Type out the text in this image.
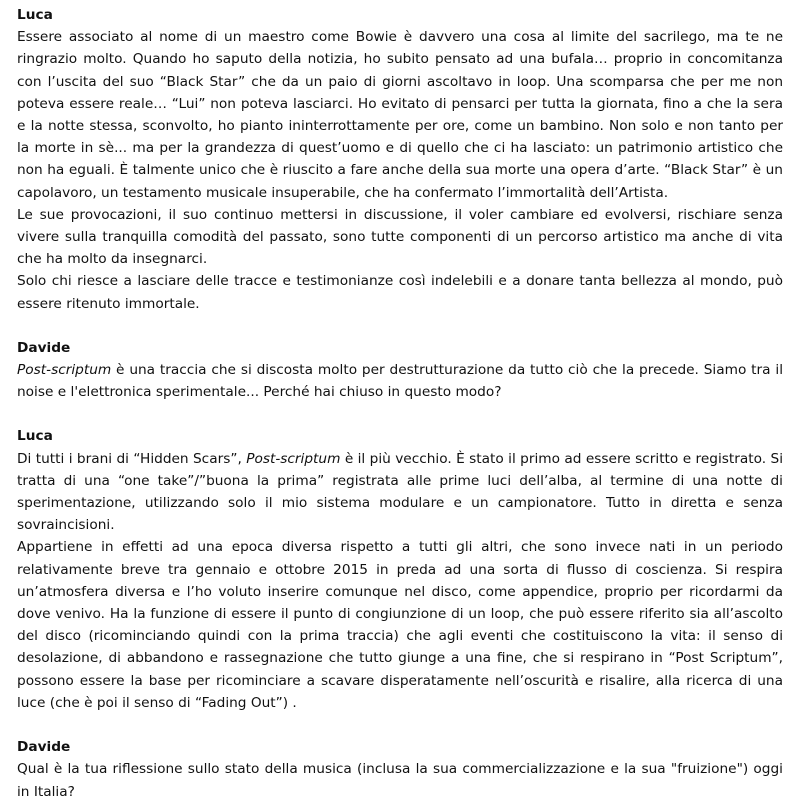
Luca

Essere associato al nome di un maestro come Bowie è davvero una cosa al limite del sacrilego, ma te ne ringrazio molto. Quando ho saputo della notizia, ho subito pensato ad una bufala… proprio in concomitanza con l’uscita del suo “Black Star” che da un paio di giorni ascoltavo in loop. Una scomparsa che per me non poteva essere reale… “Lui” non poteva lasciarci. Ho evitato di pensarci per tutta la giornata, fino a che la sera e la notte stessa, sconvolto, ho pianto ininterrottamente per ore, come un bambino. Non solo e non tanto per la morte in sè... ma per la grandezza di quest’uomo e di quello che ci ha lasciato: un patrimonio artistico che non ha eguali. È talmente unico che è riuscito a fare anche della sua morte una opera d’arte. “Black Star” è un capolavoro, un testamento musicale insuperabile, che ha confermato l’immortalità dell’Artista.

Le sue provocazioni, il suo continuo mettersi in discussione, il voler cambiare ed evolversi, rischiare senza vivere sulla tranquilla comodità del passato, sono tutte componenti di un percorso artistico ma anche di vita che ha molto da insegnarci.

Solo chi riesce a lasciare delle tracce e testimonianze così indelebili e a donare tanta bellezza al mondo, può essere ritenuto immortale.

Davide

Post-scriptum è una traccia che si discosta molto per destrutturazione da tutto ciò che la precede. Siamo tra il noise e l'elettronica sperimentale... Perché hai chiuso in questo modo?

Luca

Di tutti i brani di “Hidden Scars”, Post-scriptum è il più vecchio. È stato il primo ad essere scritto e registrato. Si tratta di una “one take”/”buona la prima” registrata alle prime luci dell’alba, al termine di una notte di sperimentazione, utilizzando solo il mio sistema modulare e un campionatore. Tutto in diretta e senza sovraincisioni.

Appartiene in effetti ad una epoca diversa rispetto a tutti gli altri, che sono invece nati in un periodo relativamente breve tra gennaio e ottobre 2015 in preda ad una sorta di flusso di coscienza. Si respira un’atmosfera diversa e l’ho voluto inserire comunque nel disco, come appendice, proprio per ricordarmi da dove venivo. Ha la funzione di essere il punto di congiunzione di un loop, che può essere riferito sia all’ascolto del disco (ricominciando quindi con la prima traccia) che agli eventi che costituiscono la vita: il senso di desolazione, di abbandono e rassegnazione che tutto giunge a una fine, che si respirano in “Post Scriptum”, possono essere la base per ricominciare a scavare disperatamente nell’oscurità e risalire, alla ricerca di una luce (che è poi il senso di “Fading Out”) .

Davide

Qual è la tua riflessione sullo stato della musica (inclusa la sua commercializzazione e la sua "fruizione") oggi in Italia?
